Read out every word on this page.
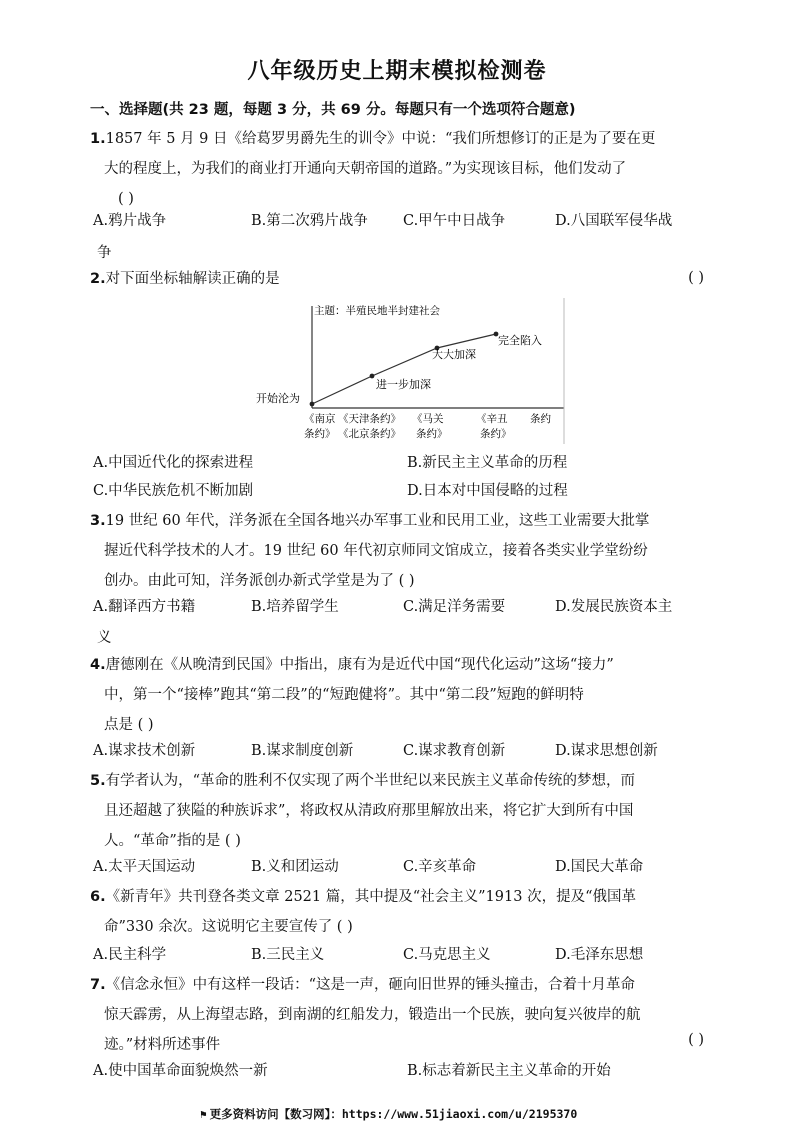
八年级历史上期末模拟检测卷
一、选择题(共 23 题，每题 3 分，共 69 分。每题只有一个选项符合题意)
1.1857 年 5 月 9 日《给葛罗男爵先生的训令》中说：“我们所想修订的正是为了要在更
大的程度上，为我们的商业打开通向天朝帝国的道路。”为实现该目标，他们发动了
( )
A.鸦片战争	B.第二次鸦片战争 C.甲午中日战争	D.八国联军侵华战
争
2.对下面坐标轴解读正确的是	( )
主题：半殖民地半封建社会
开始沦为
进一步加深
大大加深
完全陷入
《南京
条约》
《天津条约》
《北京条约》
《马关
条约》
《辛丑
条约》
条约
A.中国近代化的探索进程	B.新民主主义革命的历程
C.中华民族危机不断加剧	D.日本对中国侵略的过程
3.19 世纪 60 年代，洋务派在全国各地兴办军事工业和民用工业，这些工业需要大批掌
握近代科学技术的人才。19 世纪 60 年代初京师同文馆成立，接着各类实业学堂纷纷
创办。由此可知，洋务派创办新式学堂是为了 ( )
A.翻译西方书籍	B.培养留学生	C.满足洋务需要	D.发展民族资本主
义
4.唐德刚在《从晚清到民国》中指出，康有为是近代中国“现代化运动”这场“接力”
中，第一个“接棒”跑其“第二段”的“短跑健将”。其中“第二段”短跑的鲜明特
点是 ( )
A.谋求技术创新	B.谋求制度创新	C.谋求教育创新	D.谋求思想创新
5.有学者认为，“革命的胜利不仅实现了两个半世纪以来民族主义革命传统的梦想，而
且还超越了狭隘的种族诉求”，将政权从清政府那里解放出来，将它扩大到所有中国
人。“革命”指的是 ( )
A.太平天国运动	B.义和团运动	C.辛亥革命	D.国民大革命
6.《新青年》共刊登各类文章 2521 篇，其中提及“社会主义”1913 次，提及“俄国革
命”330 余次。这说明它主要宣传了 ( )
A.民主科学	B.三民主义	C.马克思主义	D.毛泽东思想
7.《信念永恒》中有这样一段话：“这是一声，砸向旧世界的锤头撞击，合着十月革命
惊天霹雳，从上海望志路，到南湖的红船发力，锻造出一个民族，驶向复兴彼岸的航
迹。”材料所述事件	( )
A.使中国革命面貌焕然一新	B.标志着新民主主义革命的开始
⚑ 更多资料访问【数习网】：https://www.51jiaoxi.com/u/2195370
